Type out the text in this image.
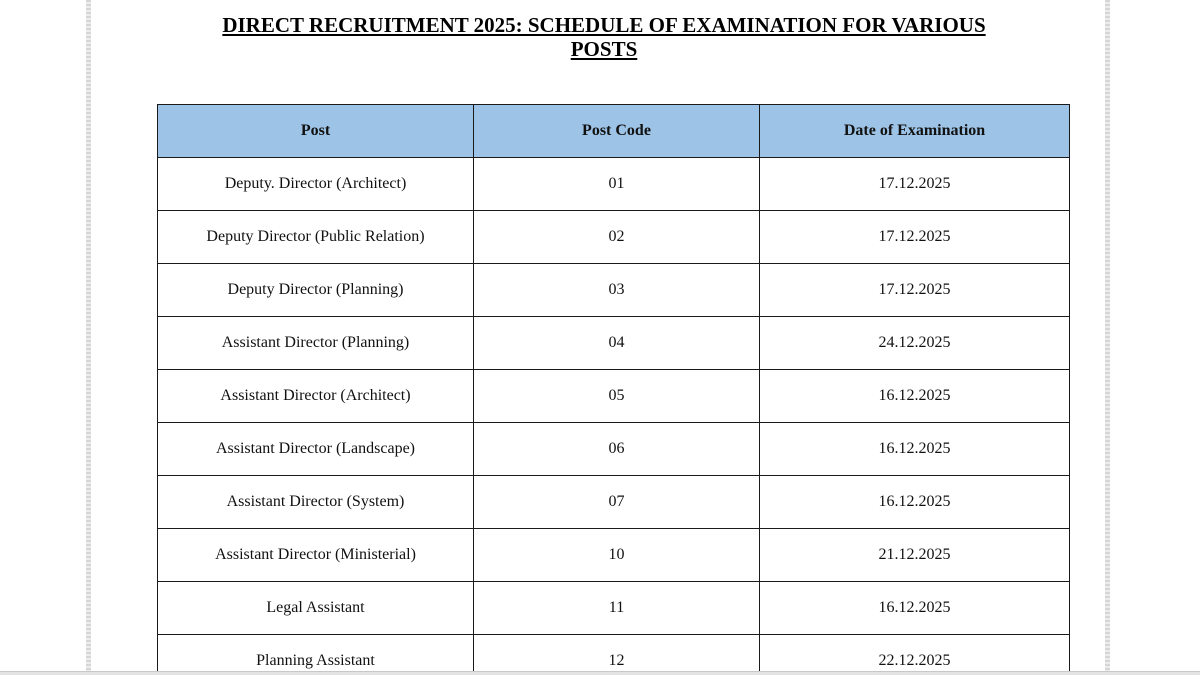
DIRECT RECRUITMENT 2025: SCHEDULE OF EXAMINATION FOR VARIOUS POSTS
Post	Post Code	Date of Examination
Deputy. Director (Architect)	01	17.12.2025
Deputy Director (Public Relation)	02	17.12.2025
Deputy Director (Planning)	03	17.12.2025
Assistant Director (Planning)	04	24.12.2025
Assistant Director (Architect)	05	16.12.2025
Assistant Director (Landscape)	06	16.12.2025
Assistant Director (System)	07	16.12.2025
Assistant Director (Ministerial)	10	21.12.2025
Legal Assistant	11	16.12.2025
Planning Assistant	12	22.12.2025
